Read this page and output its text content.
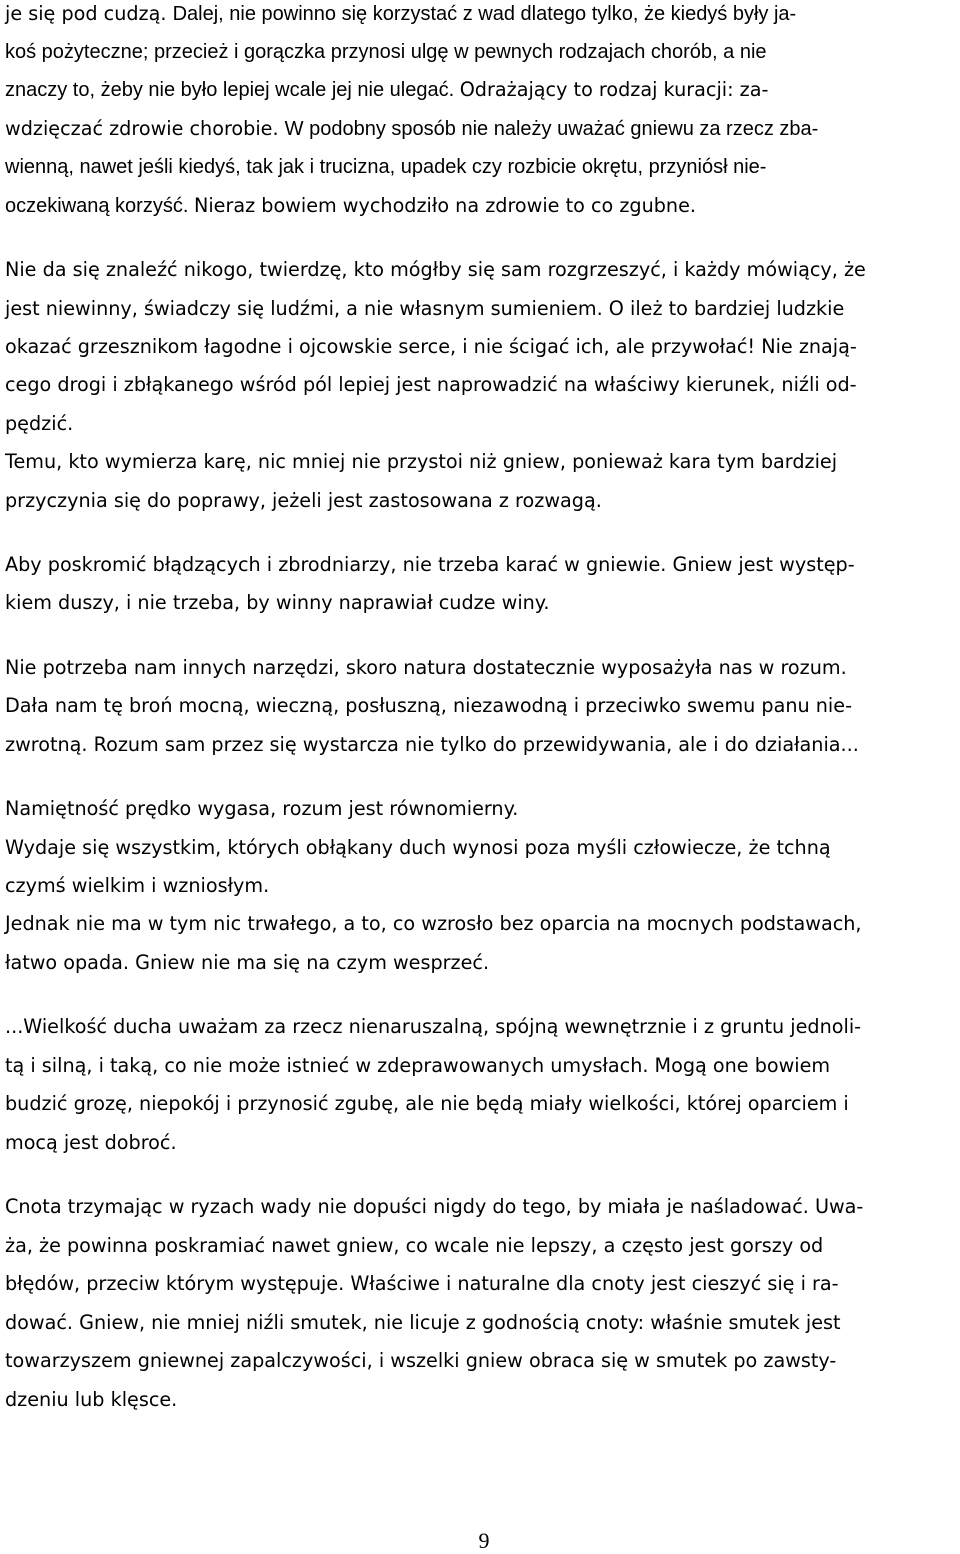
je się pod cudzą. Dalej, nie powinno się korzystać z wad dlatego tylko, że kiedyś były ja-
koś pożyteczne; przecież i gorączka przynosi ulgę w pewnych rodzajach chorób, a nie
znaczy to, żeby nie było lepiej wcale jej nie ulegać. Odrażający to rodzaj kuracji: za-
wdzięczać zdrowie chorobie. W podobny sposób nie należy uważać gniewu za rzecz zba-
wienną, nawet jeśli kiedyś, tak jak i trucizna, upadek czy rozbicie okrętu, przyniósł nie-
oczekiwaną korzyść. Nieraz bowiem wychodziło na zdrowie to co zgubne.
Nie da się znaleźć nikogo, twierdzę, kto mógłby się sam rozgrzeszyć, i każdy mówiący, że
jest niewinny, świadczy się ludźmi, a nie własnym sumieniem. O ileż to bardziej ludzkie
okazać grzesznikom łagodne i ojcowskie serce, i nie ścigać ich, ale przywołać! Nie znają-
cego drogi i zbłąkanego wśród pól lepiej jest naprowadzić na właściwy kierunek, niźli od-
pędzić.
Temu, kto wymierza karę, nic mniej nie przystoi niż gniew, ponieważ kara tym bardziej
przyczynia się do poprawy, jeżeli jest zastosowana z rozwagą.
Aby poskromić błądzących i zbrodniarzy, nie trzeba karać w gniewie. Gniew jest występ-
kiem duszy, i nie trzeba, by winny naprawiał cudze winy.
Nie potrzeba nam innych narzędzi, skoro natura dostatecznie wyposażyła nas w rozum.
Dała nam tę broń mocną, wieczną, posłuszną, niezawodną i przeciwko swemu panu nie-
zwrotną. Rozum sam przez się wystarcza nie tylko do przewidywania, ale i do działania...
Namiętność prędko wygasa, rozum jest równomierny.
Wydaje się wszystkim, których obłąkany duch wynosi poza myśli człowiecze, że tchną
czymś wielkim i wzniosłym.
Jednak nie ma w tym nic trwałego, a to, co wzrosło bez oparcia na mocnych podstawach,
łatwo opada. Gniew nie ma się na czym wesprzeć.
...Wielkość ducha uważam za rzecz nienaruszalną, spójną wewnętrznie i z gruntu jednoli-
tą i silną, i taką, co nie może istnieć w zdeprawowanych umysłach. Mogą one bowiem
budzić grozę, niepokój i przynosić zgubę, ale nie będą miały wielkości, której oparciem i
mocą jest dobroć.
Cnota trzymając w ryzach wady nie dopuści nigdy do tego, by miała je naśladować. Uwa-
ża, że powinna poskramiać nawet gniew, co wcale nie lepszy, a często jest gorszy od
błędów, przeciw którym występuje. Właściwe i naturalne dla cnoty jest cieszyć się i ra-
dować. Gniew, nie mniej niźli smutek, nie licuje z godnością cnoty: właśnie smutek jest
towarzyszem gniewnej zapalczywości, i wszelki gniew obraca się w smutek po zawsty-
dzeniu lub klęsce.
9
